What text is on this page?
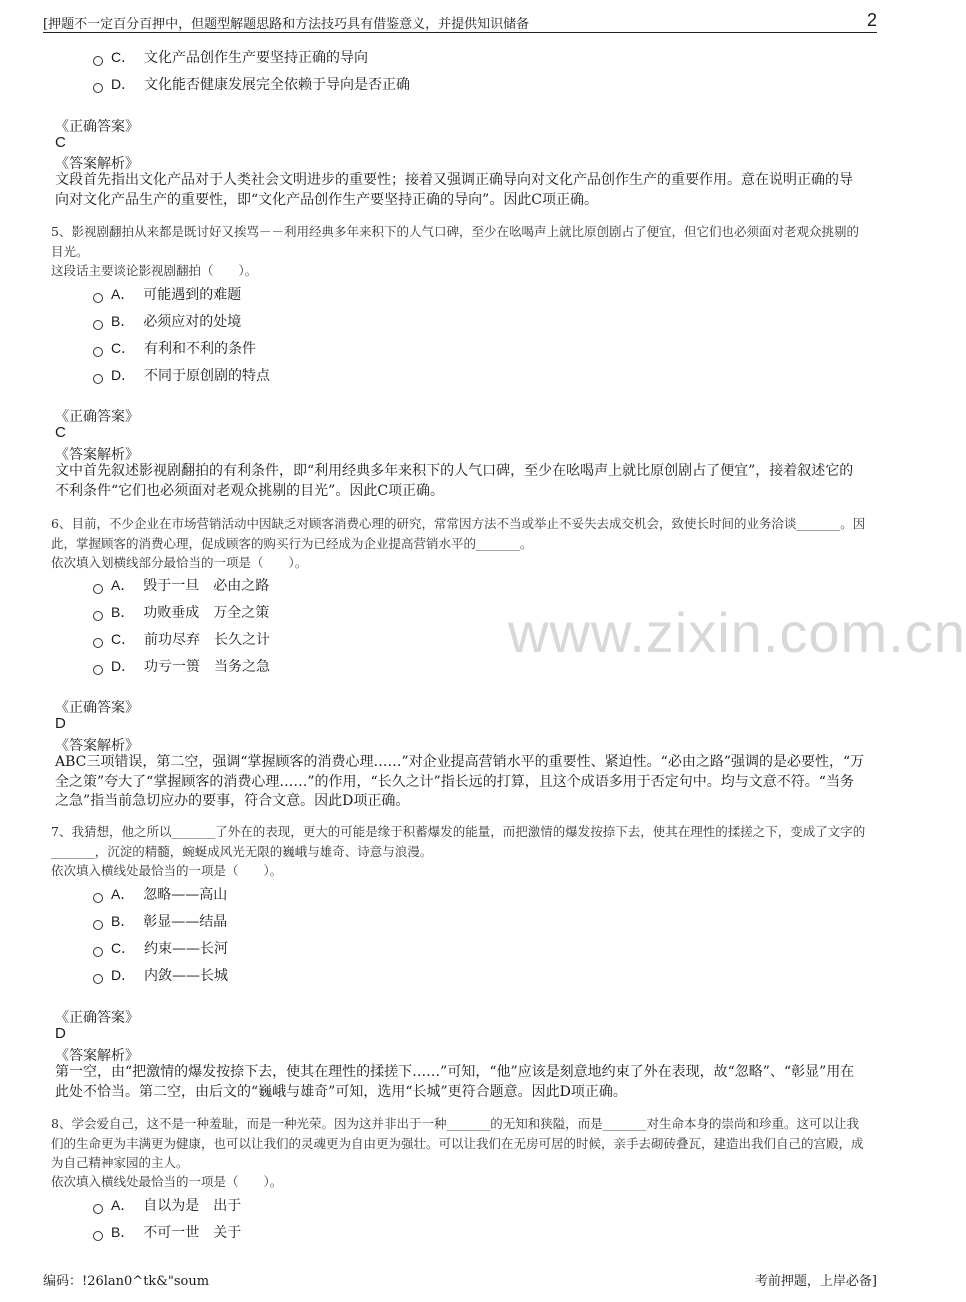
[押题不一定百分百押中，但题型解题思路和方法技巧具有借鉴意义，并提供知识储备	2
www.zixin.com.cn
C． 文化产品创作生产要坚持正确的导向
D． 文化能否健康发展完全依赖于导向是否正确
《正确答案》
C
《答案解析》
文段首先指出文化产品对于人类社会文明进步的重要性；接着又强调正确导向对文化产品创作生产的重要作用。意在说明正确的导向对文化产品生产的重要性，即“文化产品创作生产要坚持正确的导向”。因此C项正确。
5、影视剧翻拍从来都是既讨好又挨骂－－利用经典多年来积下的人气口碑，至少在吆喝声上就比原创剧占了便宜，但它们也必须面对老观众挑剔的目光。
这段话主要谈论影视剧翻拍（　　）。
A． 可能遇到的难题
B． 必须应对的处境
C． 有利和不利的条件
D． 不同于原创剧的特点
《正确答案》
C
《答案解析》
文中首先叙述影视剧翻拍的有利条件，即“利用经典多年来积下的人气口碑，至少在吆喝声上就比原创剧占了便宜”，接着叙述它的不利条件“它们也必须面对老观众挑剔的目光”。因此C项正确。
6、目前，不少企业在市场营销活动中因缺乏对顾客消费心理的研究，常常因方法不当或举止不妥失去成交机会，致使长时间的业务洽谈_______。因此，掌握顾客的消费心理，促成顾客的购买行为已经成为企业提高营销水平的_______。
依次填入划横线部分最恰当的一项是（　　）。
A． 毁于一旦　必由之路
B． 功败垂成　万全之策
C． 前功尽弃　长久之计
D． 功亏一篑　当务之急
《正确答案》
D
《答案解析》
ABC三项错误，第二空，强调“掌握顾客的消费心理……”对企业提高营销水平的重要性、紧迫性。“必由之路”强调的是必要性，“万全之策”夸大了“掌握顾客的消费心理……”的作用，“长久之计”指长远的打算，且这个成语多用于否定句中。均与文意不符。“当务之急”指当前急切应办的要事，符合文意。因此D项正确。
7、我猜想，他之所以_______了外在的表现，更大的可能是缘于积蓄爆发的能量，而把激情的爆发按捺下去，使其在理性的揉搓之下，变成了文字的_______，沉淀的精髓，蜿蜒成风光无限的巍峨与雄奇、诗意与浪漫。
依次填入横线处最恰当的一项是（　　）。
A． 忽略——高山
B． 彰显——结晶
C． 约束——长河
D． 内敛——长城
《正确答案》
D
《答案解析》
第一空，由“把激情的爆发按捺下去，使其在理性的揉搓下……”可知，“他”应该是刻意地约束了外在表现，故“忽略”、“彰显”用在此处不恰当。第二空，由后文的“巍峨与雄奇”可知，选用“长城”更符合题意。因此D项正确。
8、学会爱自己，这不是一种羞耻，而是一种光荣。因为这并非出于一种_______的无知和狭隘，而是_______对生命本身的崇尚和珍重。这可以让我们的生命更为丰满更为健康，也可以让我们的灵魂更为自由更为强壮。可以让我们在无房可居的时候，亲手去砌砖叠瓦，建造出我们自己的宫殿，成为自己精神家园的主人。
依次填入横线处最恰当的一项是（　　）。
A． 自以为是　出于
B． 不可一世　关于
编码：!26lan0^tk&"soum	考前押题，上岸必备]
